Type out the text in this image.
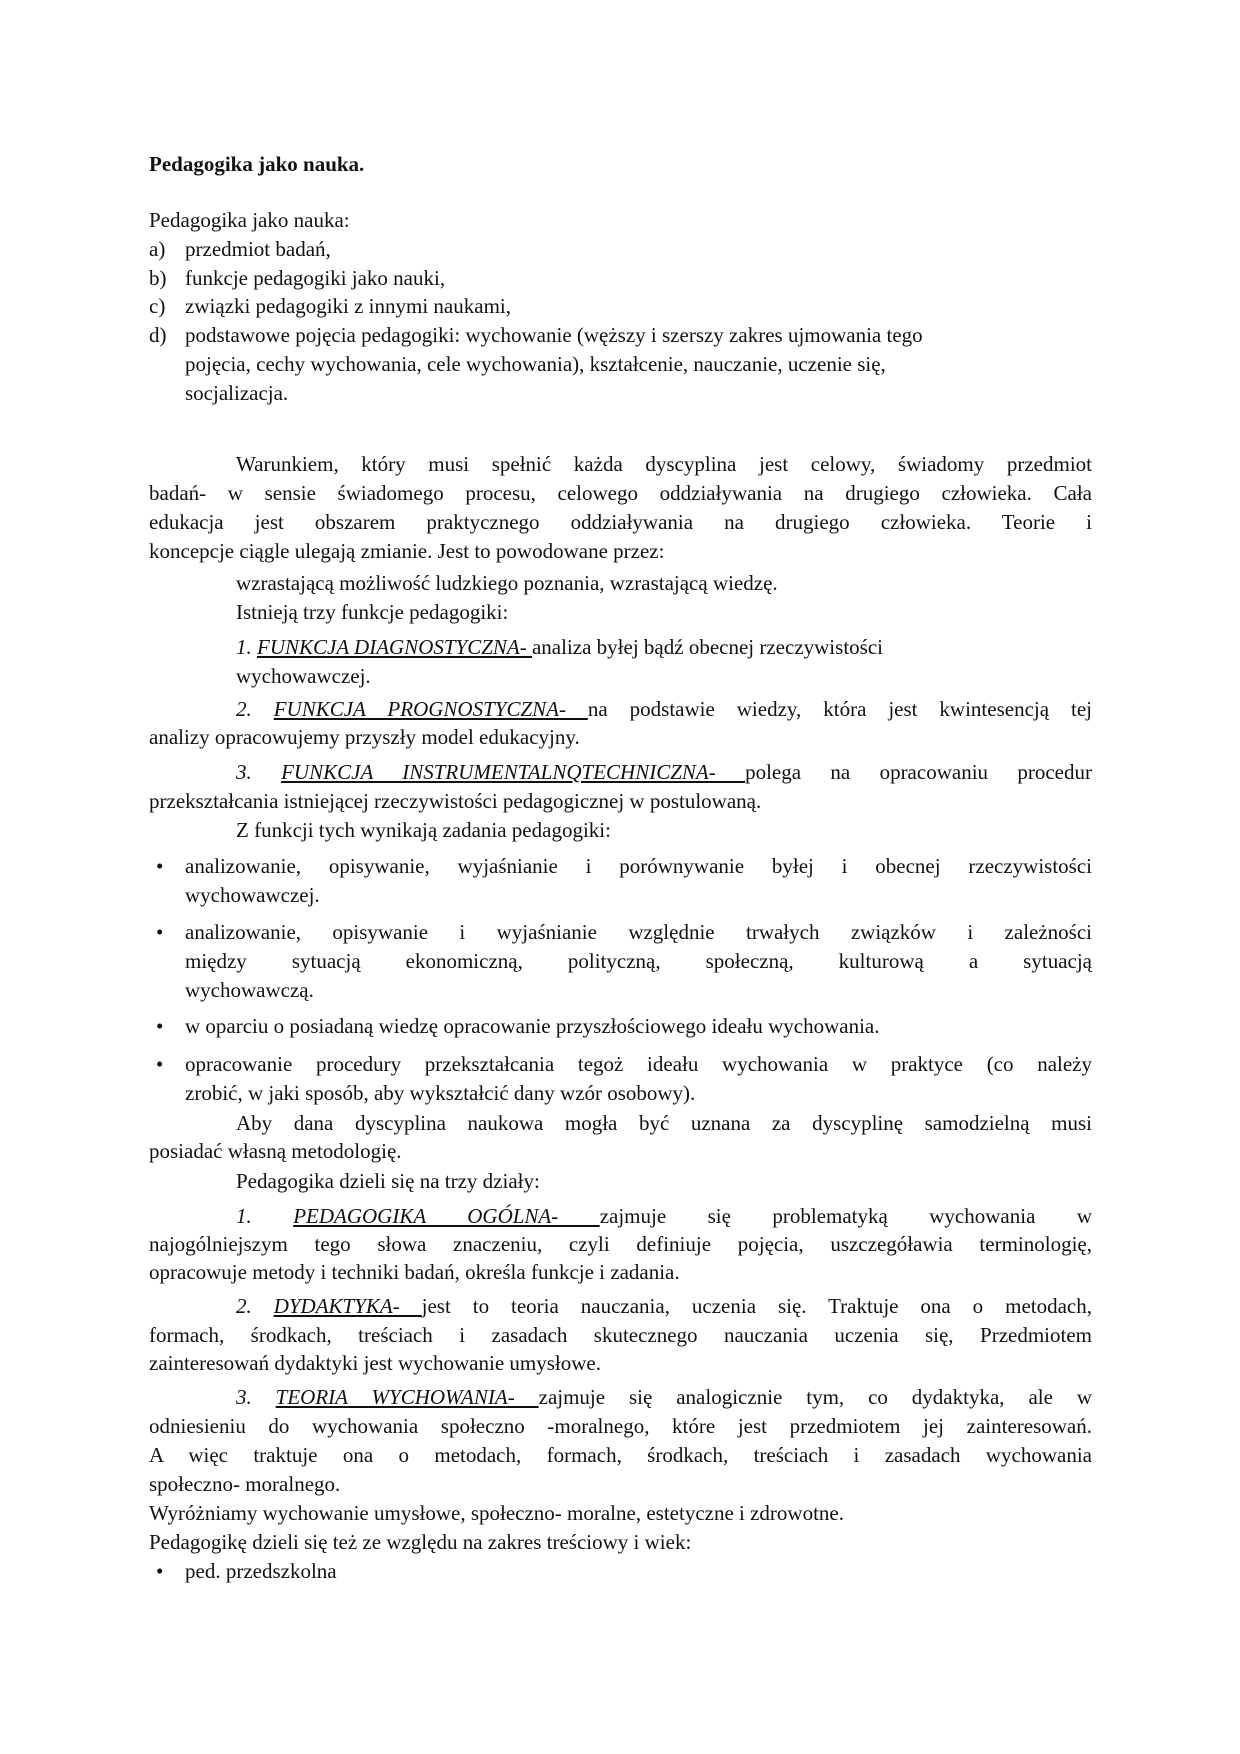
Pedagogika jako nauka.
Pedagogika jako nauka:
a) przedmiot badań,
b) funkcje pedagogiki jako nauki,
c) związki pedagogiki z innymi naukami,
d) podstawowe pojęcia pedagogiki: wychowanie (węższy i szerszy zakres ujmowania tego
pojęcia, cechy wychowania, cele wychowania), kształcenie, nauczanie, uczenie się,
socjalizacja.
Warunkiem, który musi spełnić każda dyscyplina jest celowy, świadomy przedmiot
badań- w sensie świadomego procesu, celowego oddziaływania na drugiego człowieka. Cała
edukacja jest obszarem praktycznego oddziaływania na drugiego człowieka. Teorie i
koncepcje ciągle ulegają zmianie. Jest to powodowane przez:
wzrastającą możliwość ludzkiego poznania, wzrastającą wiedzę.
Istnieją trzy funkcje pedagogiki:
1. FUNKCJA DIAGNOSTYCZNA- analiza byłej bądź obecnej rzeczywistości
wychowawczej.
2. FUNKCJA PROGNOSTYCZNA- na podstawie wiedzy, która jest kwintesencją tej
analizy opracowujemy przyszły model edukacyjny.
3. FUNKCJA INSTRUMENTALNQTECHNICZNA- polega na opracowaniu procedur
przekształcania istniejącej rzeczywistości pedagogicznej w postulowaną.
Z funkcji tych wynikają zadania pedagogiki:
• analizowanie, opisywanie, wyjaśnianie i porównywanie byłej i obecnej rzeczywistości
wychowawczej.
• analizowanie, opisywanie i wyjaśnianie względnie trwałych związków i zależności
między sytuacją ekonomiczną, polityczną, społeczną, kulturową a sytuacją
wychowawczą.
• w oparciu o posiadaną wiedzę opracowanie przyszłościowego ideału wychowania.
• opracowanie procedury przekształcania tegoż ideału wychowania w praktyce (co należy
zrobić, w jaki sposób, aby wykształcić dany wzór osobowy).
Aby dana dyscyplina naukowa mogła być uznana za dyscyplinę samodzielną musi
posiadać własną metodologię.
Pedagogika dzieli się na trzy działy:
1. PEDAGOGIKA OGÓLNA- zajmuje się problematyką wychowania w
najogólniejszym tego słowa znaczeniu, czyli definiuje pojęcia, uszczegóławia terminologię,
opracowuje metody i techniki badań, określa funkcje i zadania.
2. DYDAKTYKA- jest to teoria nauczania, uczenia się. Traktuje ona o metodach,
formach, środkach, treściach i zasadach skutecznego nauczania uczenia się, Przedmiotem
zainteresowań dydaktyki jest wychowanie umysłowe.
3. TEORIA WYCHOWANIA- zajmuje się analogicznie tym, co dydaktyka, ale w
odniesieniu do wychowania społeczno -moralnego, które jest przedmiotem jej zainteresowań.
A więc traktuje ona o metodach, formach, środkach, treściach i zasadach wychowania
społeczno- moralnego.
Wyróżniamy wychowanie umysłowe, społeczno- moralne, estetyczne i zdrowotne.
Pedagogikę dzieli się też ze względu na zakres treściowy i wiek:
• ped. przedszkolna
